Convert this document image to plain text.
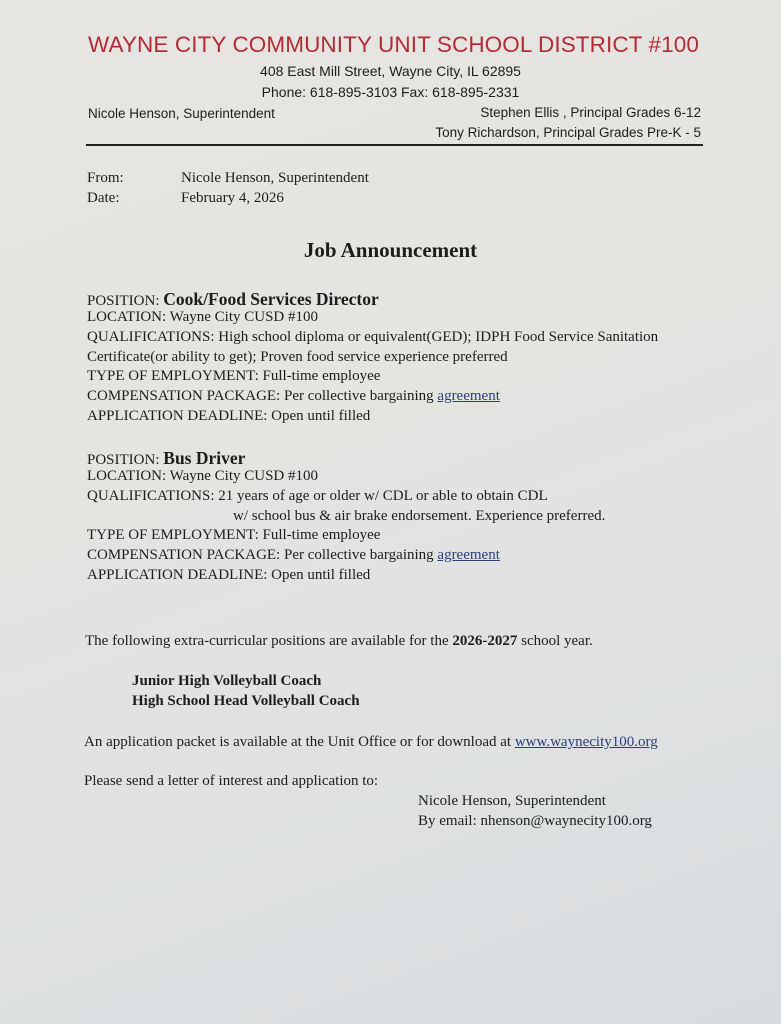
WAYNE CITY COMMUNITY UNIT SCHOOL DISTRICT #100
408 East Mill Street, Wayne City, IL 62895
Phone: 618-895-3103 Fax: 618-895-2331
Nicole Henson, Superintendent	Stephen Ellis , Principal Grades 6-12
Tony Richardson, Principal Grades Pre-K - 5
From:	Nicole Henson, Superintendent
Date:	February 4, 2026
Job Announcement
POSITION: Cook/Food Services Director
LOCATION: Wayne City CUSD #100
QUALIFICATIONS: High school diploma or equivalent(GED); IDPH Food Service Sanitation
Certificate(or ability to get); Proven food service experience preferred
TYPE OF EMPLOYMENT: Full-time employee
COMPENSATION PACKAGE: Per collective bargaining agreement
APPLICATION DEADLINE: Open until filled
POSITION: Bus Driver
LOCATION: Wayne City CUSD #100
QUALIFICATIONS: 21 years of age or older w/ CDL or able to obtain CDL
w/ school bus & air brake endorsement. Experience preferred.
TYPE OF EMPLOYMENT: Full-time employee
COMPENSATION PACKAGE: Per collective bargaining agreement
APPLICATION DEADLINE: Open until filled
The following extra-curricular positions are available for the 2026-2027 school year.
Junior High Volleyball Coach
High School Head Volleyball Coach
An application packet is available at the Unit Office or for download at www.waynecity100.org
Please send a letter of interest and application to:
Nicole Henson, Superintendent
By email: nhenson@waynecity100.org
